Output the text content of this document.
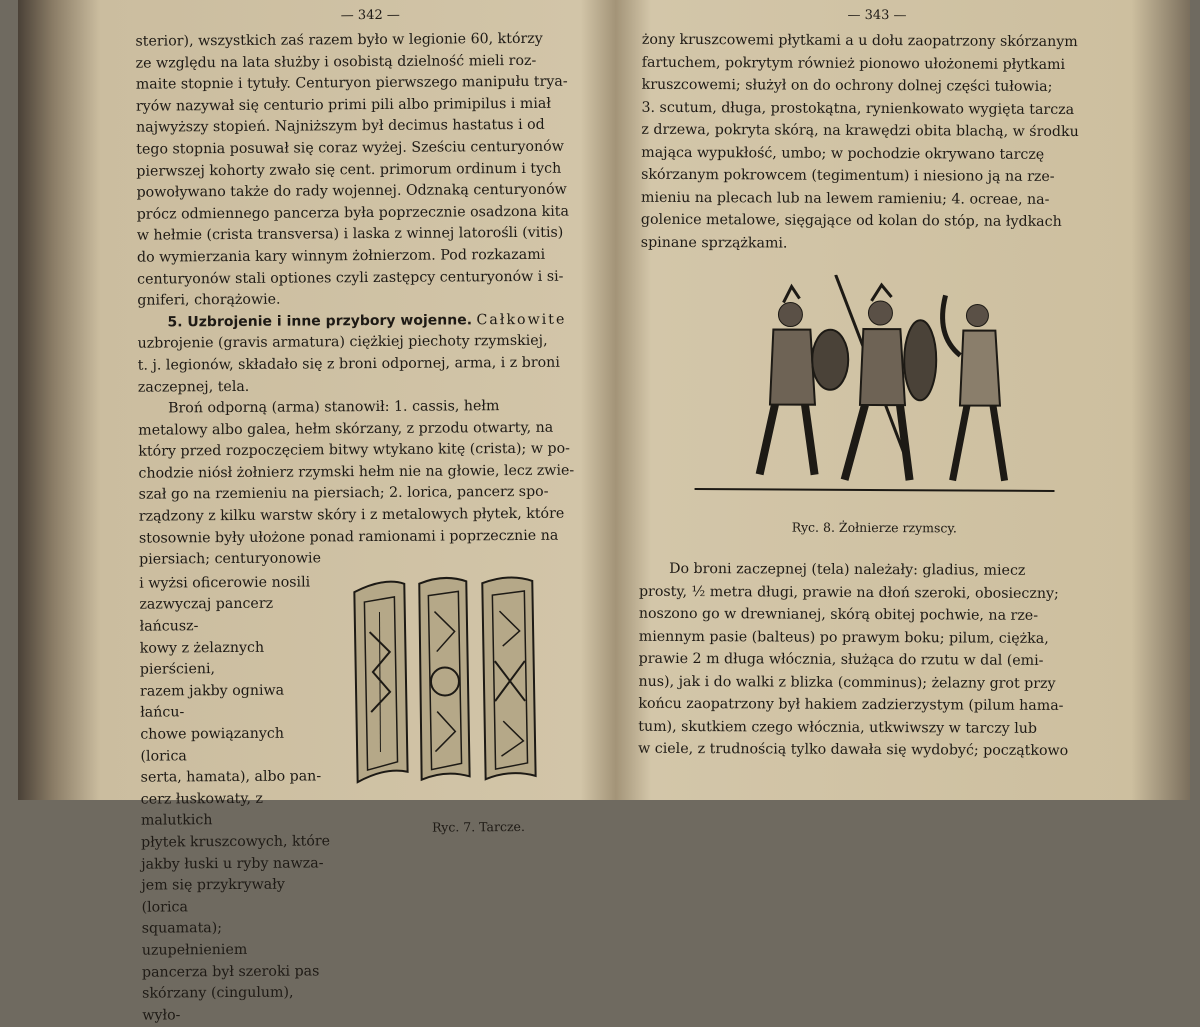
— 342 —

sterior), wszystkich zaś razem było w legionie 60, którzy

ze względu na lata służby i osobistą dzielność mieli roz-

maite stopnie i tytuły. Centuryon pierwszego manipułu trya-

ryów nazywał się centurio primi pili albo primipilus i miał

najwyższy stopień. Najniższym był decimus hastatus i od

tego stopnia posuwał się coraz wyżej. Sześciu centuryonów

pierwszej kohorty zwało się cent. primorum ordinum i tych

powoływano także do rady wojennej. Odznaką centuryonów

prócz odmiennego pancerza była poprzecznie osadzona kita

w hełmie (crista transversa) i laska z winnej latorośli (vitis)

do wymierzania kary winnym żołnierzom. Pod rozkazami

centuryonów stali optiones czyli zastępcy centuryonów i si-

gniferi, chorążowie.

5. Uzbrojenie i inne przybory wojenne. Całkowite

uzbrojenie (gravis armatura) ciężkiej piechoty rzymskiej,

t. j. legionów, składało się z broni odpornej, arma, i z broni

zaczepnej, tela.

Broń odporną (arma) stanowił: 1. cassis, hełm

metalowy albo galea, hełm skórzany, z przodu otwarty, na

który przed rozpoczęciem bitwy wtykano kitę (crista); w po-

chodzie niósł żołnierz rzymski hełm nie na głowie, lecz zwie-

szał go na rzemieniu na piersiach; 2. lorica, pancerz spo-

rządzony z kilku warstw skóry i z metalowych płytek, które

stosownie były ułożone ponad ramionami i poprzecznie na

piersiach; centuryonowie

i wyżsi oficerowie nosili

zazwyczaj pancerz łańcusz-

kowy z żelaznych pierścieni,

razem jakby ogniwa łańcu-

chowe powiązanych (lorica

serta, hamata), albo pan-

cerz łuskowaty, z malutkich

płytek kruszcowych, które

jakby łuski u ryby nawza-

jem się przykrywały (lorica

squamata); uzupełnieniem

pancerza był szeroki pas

skórzany (cingulum), wyło-

Ryc. 7. Tarcze.
— 343 —

żony kruszcowemi płytkami a u dołu zaopatrzony skórzanym

fartuchem, pokrytym również pionowo ułożonemi płytkami

kruszcowemi; służył on do ochrony dolnej części tułowia;

3. scutum, długa, prostokątna, rynienkowato wygięta tarcza

z drzewa, pokryta skórą, na krawędzi obita blachą, w środku

mająca wypukłość, umbo; w pochodzie okrywano tarczę

skórzanym pokrowcem (tegimentum) i niesiono ją na rze-

mieniu na plecach lub na lewem ramieniu; 4. ocreae, na-

golenice metalowe, sięgające od kolan do stóp, na łydkach

spinane sprzążkami.

Ryc. 8. Żołnierze rzymscy.

Do broni zaczepnej (tela) należały: gladius, miecz

prosty, ½ metra długi, prawie na dłoń szeroki, obosieczny;

noszono go w drewnianej, skórą obitej pochwie, na rze-

miennym pasie (balteus) po prawym boku; pilum, ciężka,

prawie 2 m długa włócznia, służąca do rzutu w dal (emi-

nus), jak i do walki z blizka (comminus); żelazny grot przy

końcu zaopatrzony był hakiem zadzierzystym (pilum hama-

tum), skutkiem czego włócznia, utkwiwszy w tarczy lub

w ciele, z trudnością tylko dawała się wydobyć; początkowo
